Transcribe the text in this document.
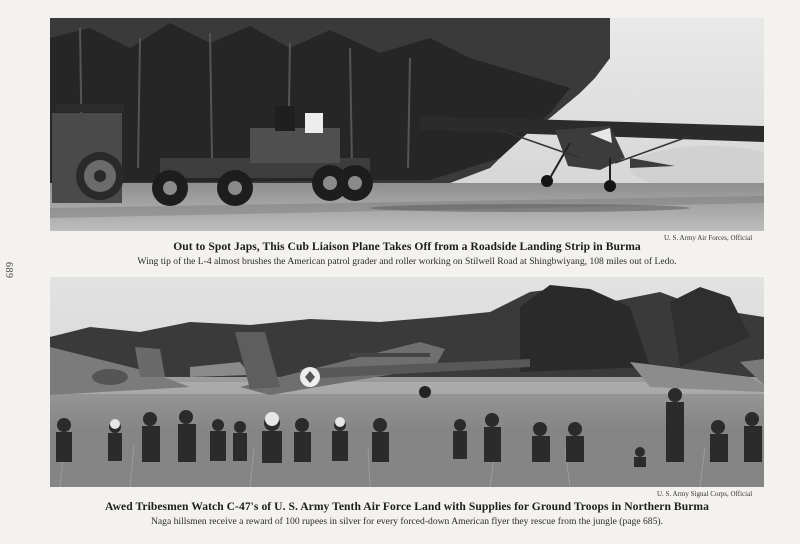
689
U. S. Army Air Forces, Official
Out to Spot Japs, This Cub Liaison Plane Takes Off from a Roadside Landing Strip in Burma
Wing tip of the L-4 almost brushes the American patrol grader and roller working on Stilwell Road at Shingbwiyang, 108 miles out of Ledo.
U. S. Army Signal Corps, Official
Awed Tribesmen Watch C-47's of U. S. Army Tenth Air Force Land with Supplies for Ground Troops in Northern Burma
Naga hillsmen receive a reward of 100 rupees in silver for every forced-down American flyer they rescue from the jungle (page 685).
